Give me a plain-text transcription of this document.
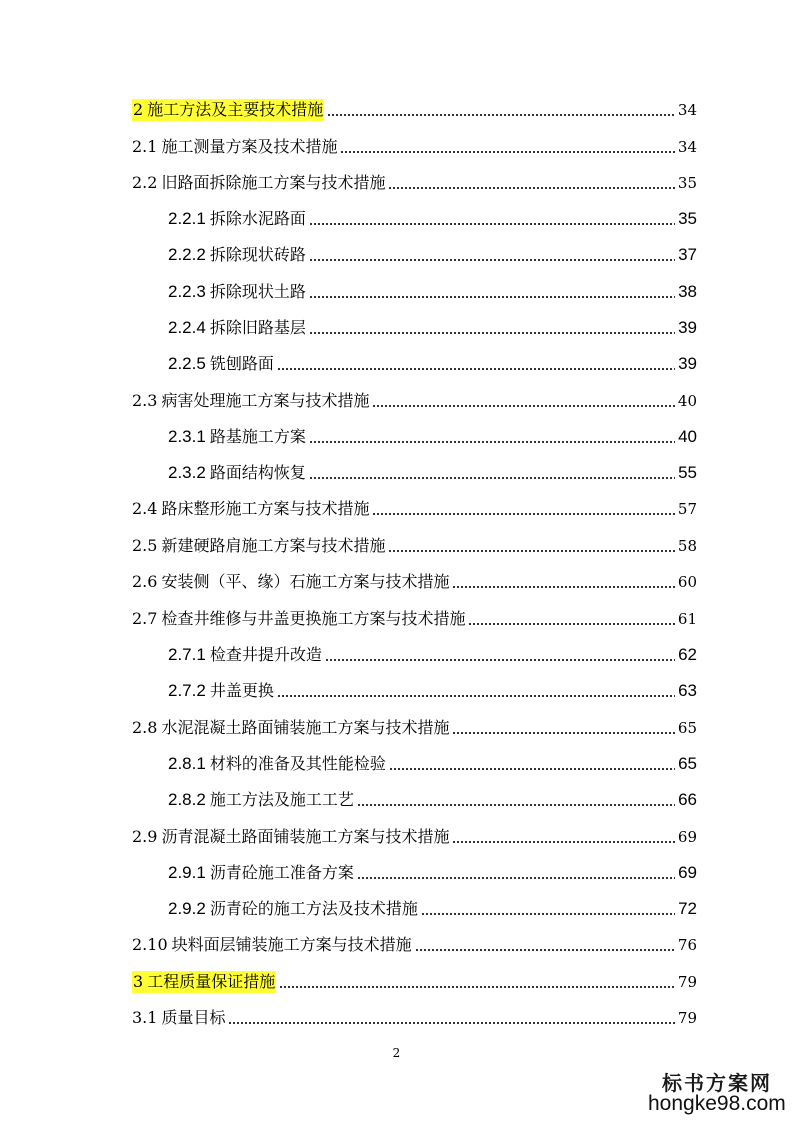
2 施工方法及主要技术措施	34
2.1 施工测量方案及技术措施	34
2.2 旧路面拆除施工方案与技术措施	35
2.2.1 拆除水泥路面	35
2.2.2 拆除现状砖路	37
2.2.3 拆除现状土路	38
2.2.4 拆除旧路基层	39
2.2.5 铣刨路面	39
2.3 病害处理施工方案与技术措施	40
2.3.1 路基施工方案	40
2.3.2 路面结构恢复	55
2.4 路床整形施工方案与技术措施	57
2.5 新建硬路肩施工方案与技术措施	58
2.6 安装侧（平、缘）石施工方案与技术措施	60
2.7 检查井维修与井盖更换施工方案与技术措施	61
2.7.1 检查井提升改造	62
2.7.2 井盖更换	63
2.8 水泥混凝土路面铺装施工方案与技术措施	65
2.8.1 材料的准备及其性能检验	65
2.8.2 施工方法及施工工艺	66
2.9 沥青混凝土路面铺装施工方案与技术措施	69
2.9.1 沥青砼施工准备方案	69
2.9.2 沥青砼的施工方法及技术措施	72
2.10 块料面层铺装施工方案与技术措施	76
3 工程质量保证措施	79
3.1 质量目标	79
2
标书方案网
hongke98.com
